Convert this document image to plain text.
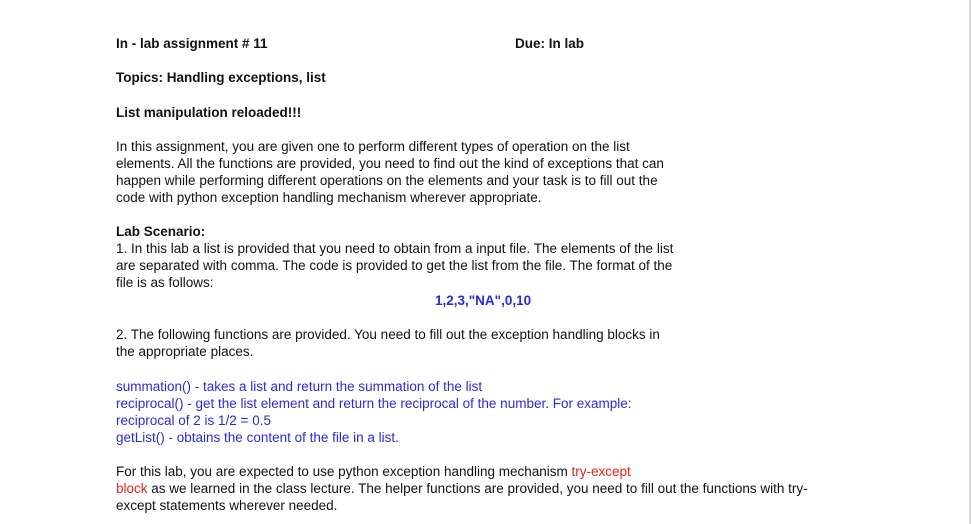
In - lab assignment # 11	Due: In lab
Topics: Handling exceptions, list
List manipulation reloaded!!!
In this assignment, you are given one to perform different types of operation on the list
elements. All the functions are provided, you need to find out the kind of exceptions that can
happen while performing different operations on the elements and your task is to fill out the
code with python exception handling mechanism wherever appropriate.
Lab Scenario:
1. In this lab a list is provided that you need to obtain from a input file. The elements of the list
are separated with comma. The code is provided to get the list from the file. The format of the
file is as follows:
1,2,3,"NA",0,10
2. The following functions are provided. You need to fill out the exception handling blocks in
the appropriate places.
summation() - takes a list and return the summation of the list
reciprocal() - get the list element and return the reciprocal of the number. For example:
reciprocal of 2 is 1/2 = 0.5
getList() - obtains the content of the file in a list.
For this lab, you are expected to use python exception handling mechanism try-except
block as we learned in the class lecture. The helper functions are provided, you need to fill out the functions with try-
except statements wherever needed.
